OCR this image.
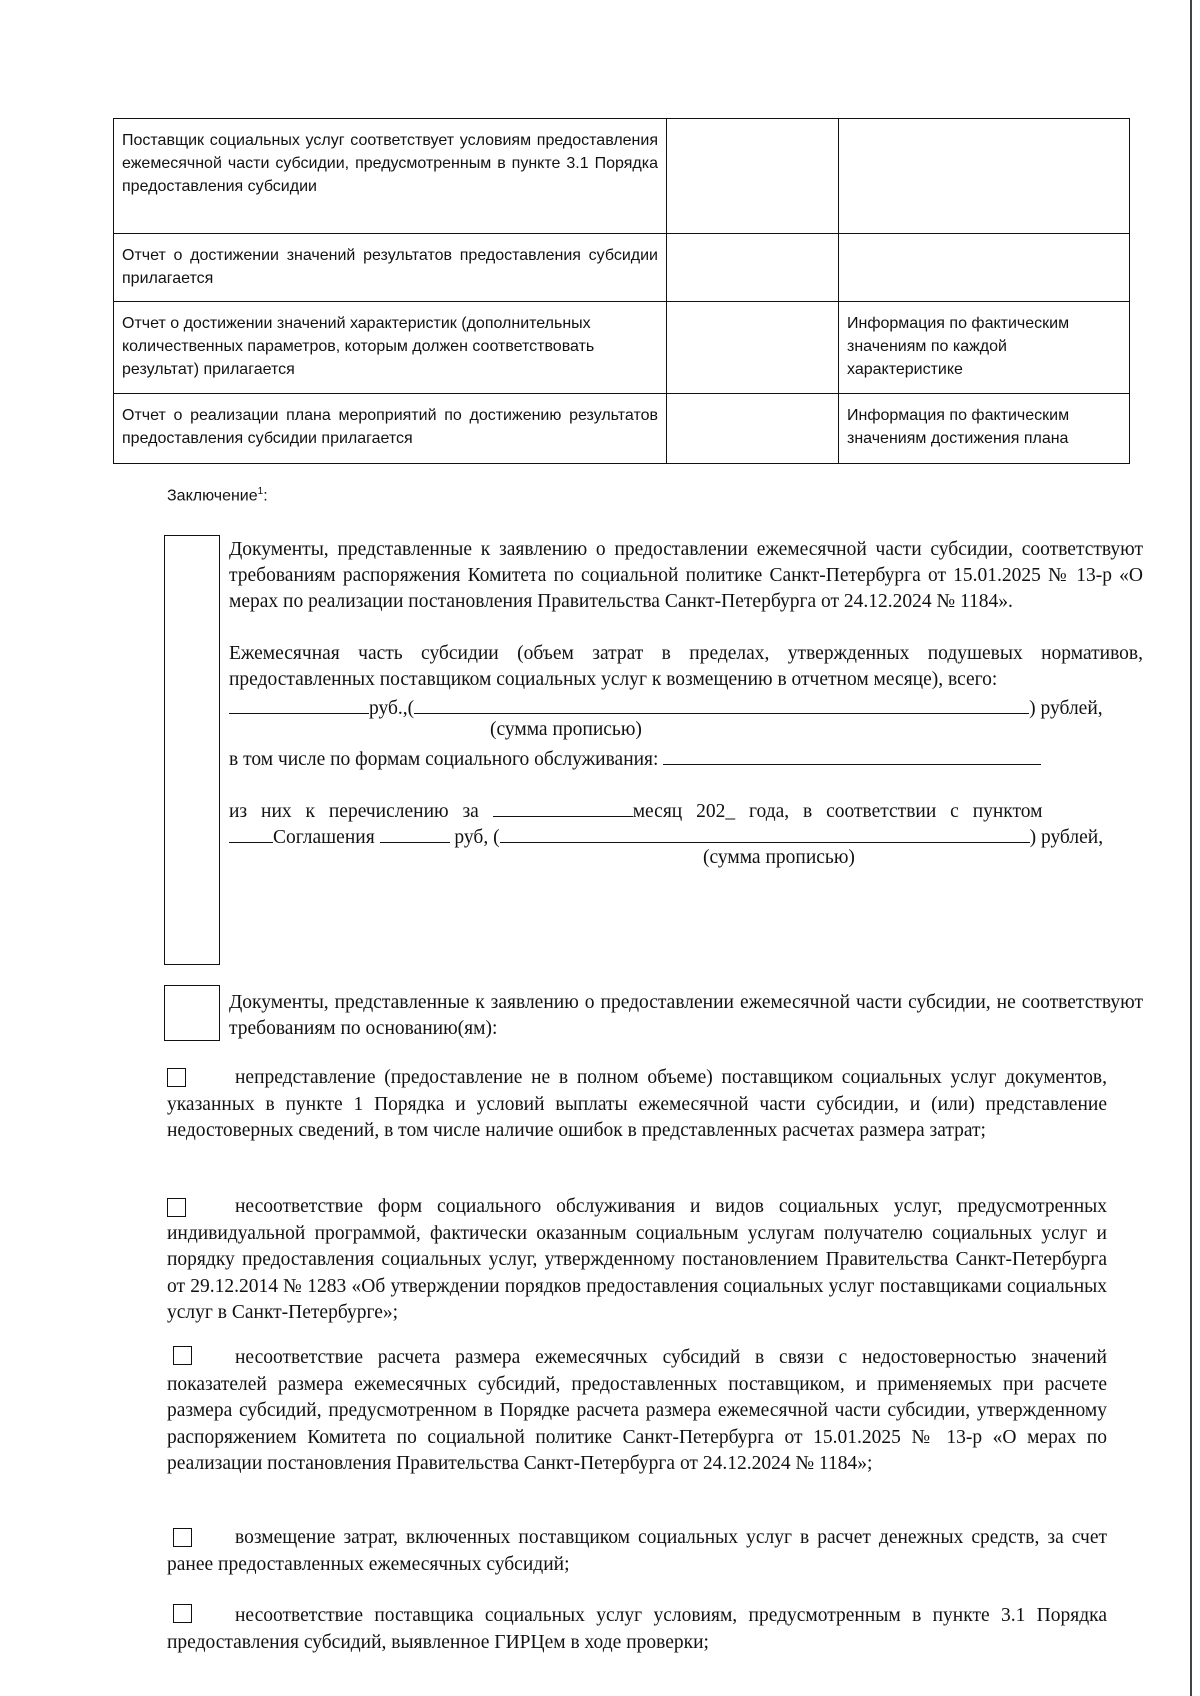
Поставщик социальных услуг соответствует условиям предоставления ежемесячной части субсидии, предусмотренным в пункте 3.1 Порядка предоставления субсидии		
Отчет о достижении значений результатов предоставления субсидии прилагается		
Отчет о достижении значений характеристик (дополнительных количественных параметров, которым должен соответствовать результат) прилагается		Информация по фактическим значениям по каждой характеристике
Отчет о реализации плана мероприятий по достижению результатов предоставления субсидии прилагается		Информация по фактическим значениям достижения плана
Заключение$^1$:
Документы, представленные к заявлению о предоставлении ежемесячной части субсидии, соответствуют требованиям распоряжения Комитета по социальной политике Санкт-Петербурга от 15.01.2025 № 13-р «О мерах по реализации постановления Правительства Санкт-Петербурга от 24.12.2024 № 1184».
Ежемесячная часть субсидии (объем затрат в пределах, утвержденных подушевых нормативов, предоставленных поставщиком социальных услуг к возмещению в отчетном месяце), всего:
руб.,(	) рублей,
(сумма прописью)
в том числе по формам социального обслуживания:
из них к перечислению за	месяц 202_ года, в соответствии с пунктом
Соглашения	руб, (	) рублей,
(сумма прописью)
Документы, представленные к заявлению о предоставлении ежемесячной части субсидии, не соответствуют требованиям по основанию(ям):
непредставление (предоставление не в полном объеме) поставщиком социальных услуг документов, указанных в пункте 1 Порядка и условий выплаты ежемесячной части субсидии, и (или) представление недостоверных сведений, в том числе наличие ошибок в представленных расчетах размера затрат;
несоответствие форм социального обслуживания и видов социальных услуг, предусмотренных индивидуальной программой, фактически оказанным социальным услугам получателю социальных услуг и порядку предоставления социальных услуг, утвержденному постановлением Правительства Санкт-Петербурга от 29.12.2014 № 1283 «Об утверждении порядков предоставления социальных услуг поставщиками социальных услуг в Санкт-Петербурге»;
несоответствие расчета размера ежемесячных субсидий в связи с недостоверностью значений показателей размера ежемесячных субсидий, предоставленных поставщиком, и применяемых при расчете размера субсидий, предусмотренном в Порядке расчета размера ежемесячной части субсидии, утвержденному распоряжением Комитета по социальной политике Санкт-Петербурга от 15.01.2025 № 13-р «О мерах по реализации постановления Правительства Санкт-Петербурга от 24.12.2024 № 1184»;
возмещение затрат, включенных поставщиком социальных услуг в расчет денежных средств, за счет ранее предоставленных ежемесячных субсидий;
несоответствие поставщика социальных услуг условиям, предусмотренным в пункте 3.1 Порядка предоставления субсидий, выявленное ГИРЦем в ходе проверки;
